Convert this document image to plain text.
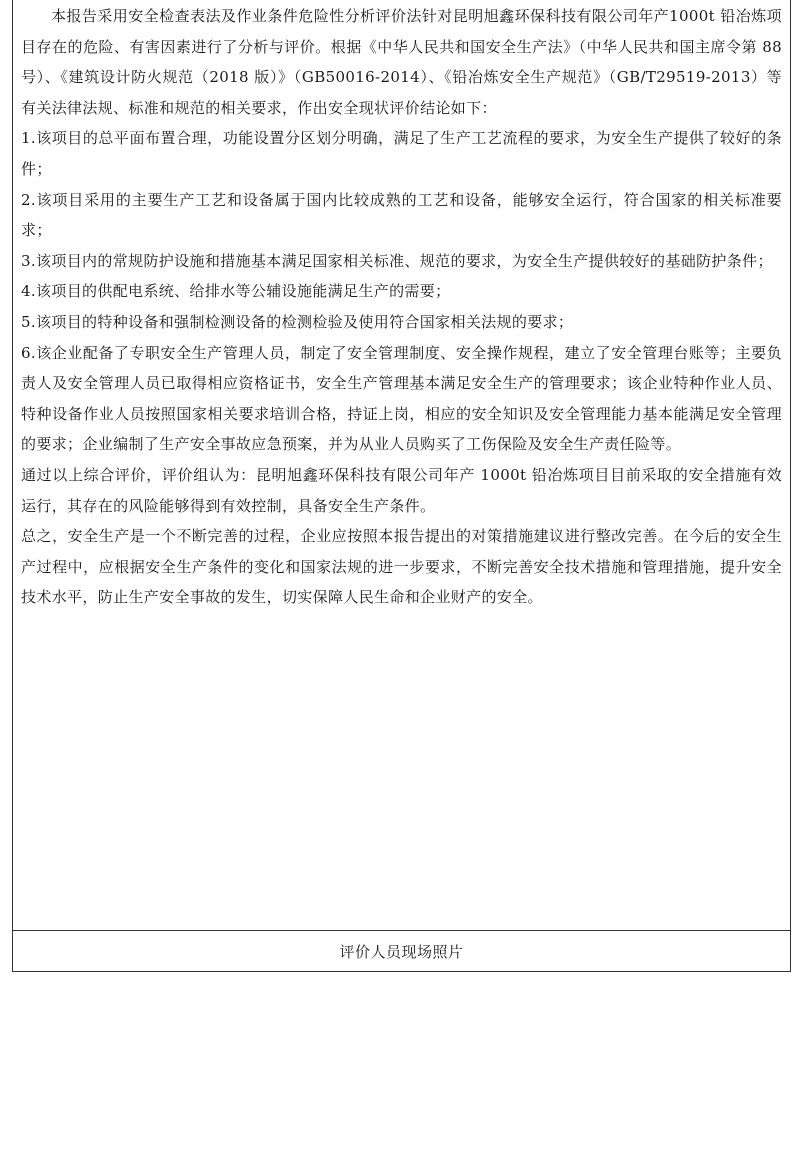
本报告采用安全检查表法及作业条件危险性分析评价法针对昆明旭鑫环保科技有限公司年产1000t 铅冶炼项目存在的危险、有害因素进行了分析与评价。根据《中华人民共和国安全生产法》（中华人民共和国主席令第 88 号）、《建筑设计防火规范（2018 版）》（GB50016-2014）、《铅冶炼安全生产规范》（GB/T29519-2013）等有关法律法规、标准和规范的相关要求，作出安全现状评价结论如下：

1.该项目的总平面布置合理，功能设置分区划分明确，满足了生产工艺流程的要求，为安全生产提供了较好的条件；

2.该项目采用的主要生产工艺和设备属于国内比较成熟的工艺和设备，能够安全运行，符合国家的相关标准要求；

3.该项目内的常规防护设施和措施基本满足国家相关标准、规范的要求，为安全生产提供较好的基础防护条件；

4.该项目的供配电系统、给排水等公辅设施能满足生产的需要；

5.该项目的特种设备和强制检测设备的检测检验及使用符合国家相关法规的要求；

6.该企业配备了专职安全生产管理人员，制定了安全管理制度、安全操作规程，建立了安全管理台账等；主要负责人及安全管理人员已取得相应资格证书，安全生产管理基本满足安全生产的管理要求；该企业特种作业人员、特种设备作业人员按照国家相关要求培训合格，持证上岗，相应的安全知识及安全管理能力基本能满足安全管理的要求；企业编制了生产安全事故应急预案，并为从业人员购买了工伤保险及安全生产责任险等。

通过以上综合评价，评价组认为：昆明旭鑫环保科技有限公司年产 1000t 铅冶炼项目目前采取的安全措施有效运行，其存在的风险能够得到有效控制，具备安全生产条件。

总之，安全生产是一个不断完善的过程，企业应按照本报告提出的对策措施建议进行整改完善。在今后的安全生产过程中，应根据安全生产条件的变化和国家法规的进一步要求，不断完善安全技术措施和管理措施，提升安全技术水平，防止生产安全事故的发生，切实保障人民生命和企业财产的安全。

评价人员现场照片
